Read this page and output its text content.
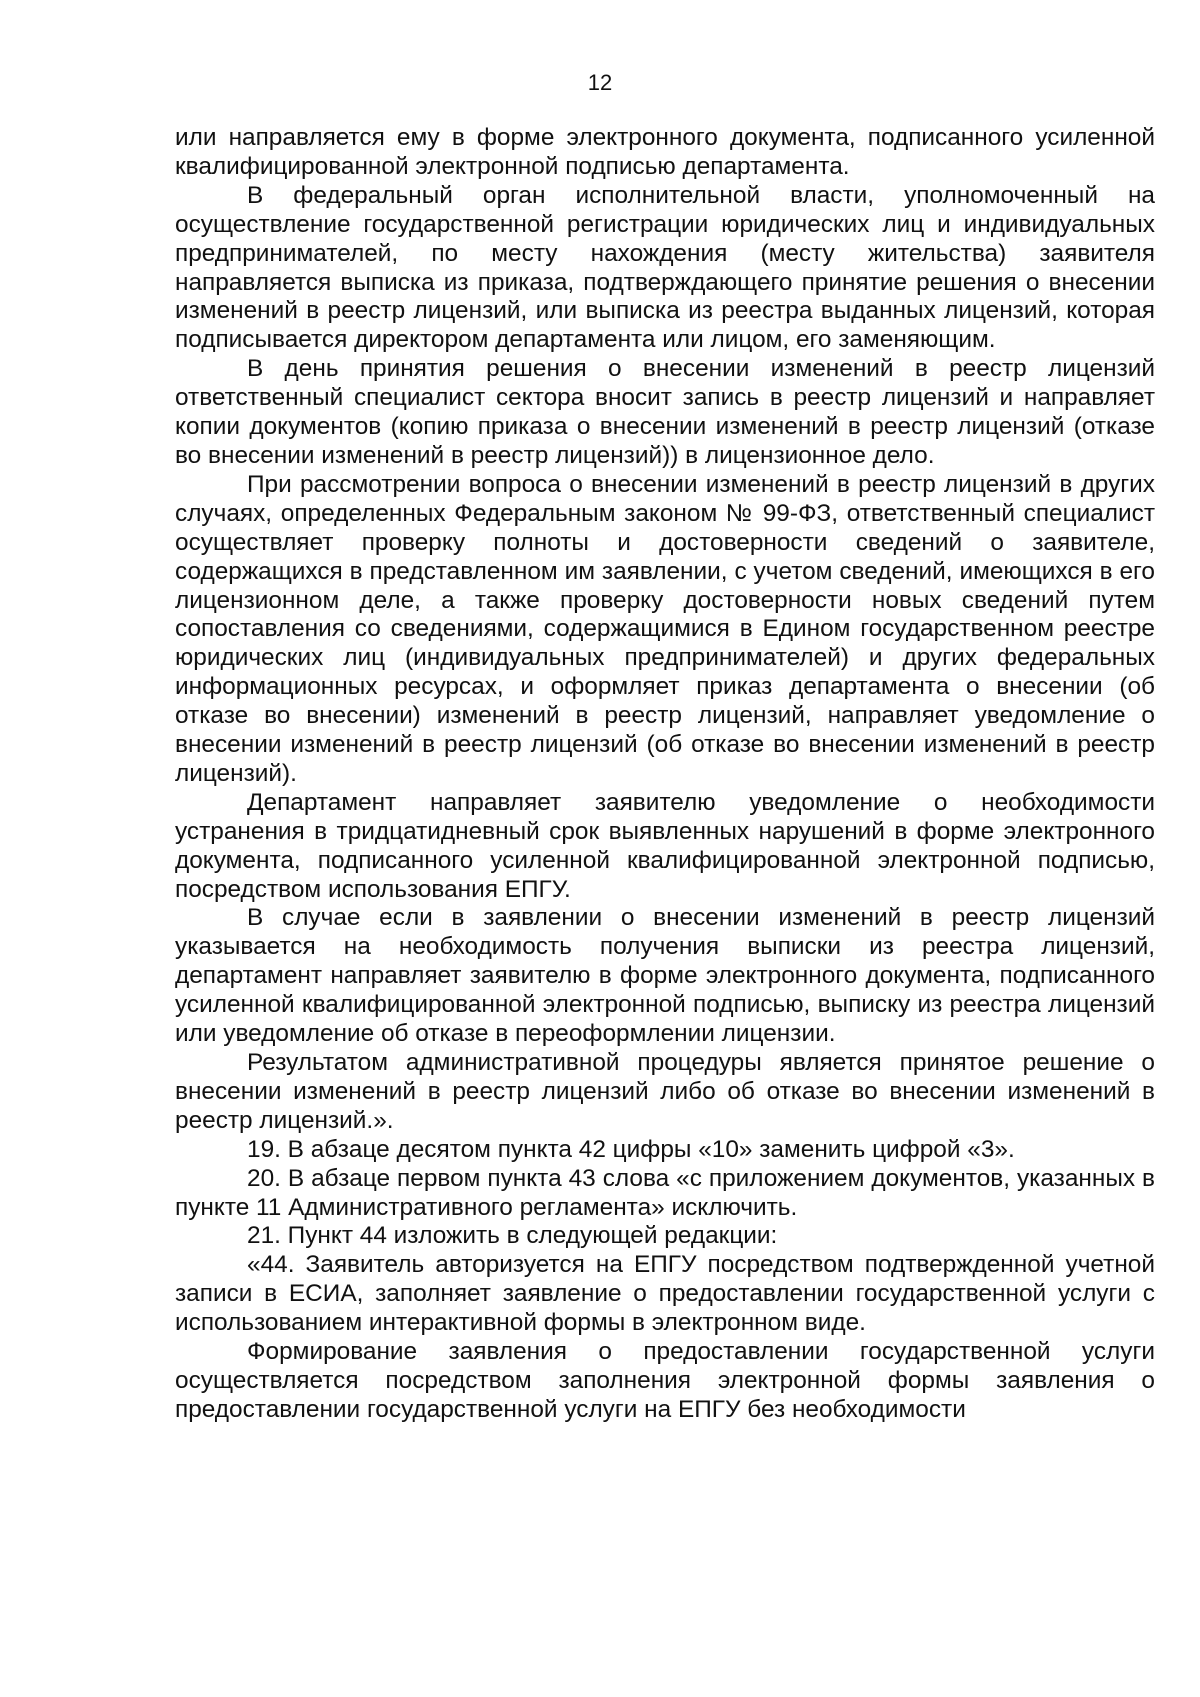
12

или направляется ему в форме электронного документа, подписанного усиленной квалифицированной электронной подписью департамента.

В федеральный орган исполнительной власти, уполномоченный на осуществление государственной регистрации юридических лиц и индивидуальных предпринимателей, по месту нахождения (месту жительства) заявителя направляется выписка из приказа, подтверждающего принятие решения о внесении изменений в реестр лицензий, или выписка из реестра выданных лицензий, которая подписывается директором департамента или лицом, его заменяющим.

В день принятия решения о внесении изменений в реестр лицензий ответственный специалист сектора вносит запись в реестр лицензий и направляет копии документов (копию приказа о внесении изменений в реестр лицензий (отказе во внесении изменений в реестр лицензий)) в лицензионное дело.

При рассмотрении вопроса о внесении изменений в реестр лицензий в других случаях, определенных Федеральным законом № 99-ФЗ, ответственный специалист осуществляет проверку полноты и достоверности сведений о заявителе, содержащихся в представленном им заявлении, с учетом сведений, имеющихся в его лицензионном деле, а также проверку достоверности новых сведений путем сопоставления со сведениями, содержащимися в Едином государственном реестре юридических лиц (индивидуальных предпринимателей) и других федеральных информационных ресурсах, и оформляет приказ департамента о внесении (об отказе во внесении) изменений в реестр лицензий, направляет уведомление о внесении изменений в реестр лицензий (об отказе во внесении изменений в реестр лицензий).

Департамент направляет заявителю уведомление о необходимости устранения в тридцатидневный срок выявленных нарушений в форме электронного документа, подписанного усиленной квалифицированной электронной подписью, посредством использования ЕПГУ.

В случае если в заявлении о внесении изменений в реестр лицензий указывается на необходимость получения выписки из реестра лицензий, департамент направляет заявителю в форме электронного документа, подписанного усиленной квалифицированной электронной подписью, выписку из реестра лицензий или уведомление об отказе в переоформлении лицензии.

Результатом административной процедуры является принятое решение о внесении изменений в реестр лицензий либо об отказе во внесении изменений в реестр лицензий.».

19. В абзаце десятом пункта 42 цифры «10» заменить цифрой «3».

20. В абзаце первом пункта 43 слова «с приложением документов, указанных в пункте 11 Административного регламента» исключить.

21. Пункт 44 изложить в следующей редакции:

«44. Заявитель авторизуется на ЕПГУ посредством подтвержденной учетной записи в ЕСИА, заполняет заявление о предоставлении государственной услуги с использованием интерактивной формы в электронном виде.

Формирование заявления о предоставлении государственной услуги осуществляется посредством заполнения электронной формы заявления о предоставлении государственной услуги на ЕПГУ без необходимости
